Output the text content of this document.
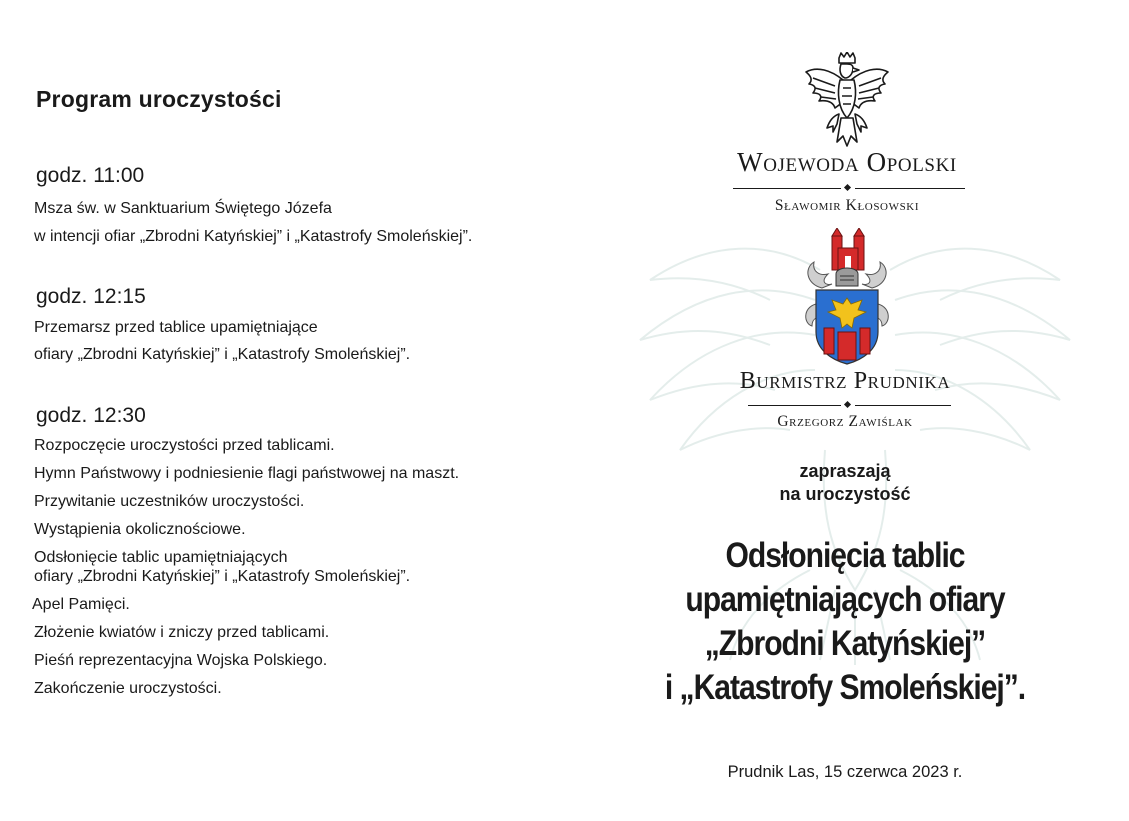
Program uroczystości
godz. 11:00
Msza św. w Sanktuarium Świętego Józefa
w intencji ofiar „Zbrodni Katyńskiej” i „Katastrofy Smoleńskiej”.
godz. 12:15
Przemarsz przed tablice upamiętniające
ofiary „Zbrodni Katyńskiej” i „Katastrofy Smoleńskiej”.
godz. 12:30
Rozpoczęcie uroczystości przed tablicami.
Hymn Państwowy i podniesienie flagi państwowej na maszt.
Przywitanie uczestników uroczystości.
Wystąpienia okolicznościowe.
Odsłonięcie tablic upamiętniających
ofiary „Zbrodni Katyńskiej” i „Katastrofy Smoleńskiej”.
Apel Pamięci.
Złożenie kwiatów i zniczy przed tablicami.
Pieśń reprezentacyjna Wojska Polskiego.
Zakończenie uroczystości.
Wojewoda Opolski
Sławomir Kłosowski
Burmistrz Prudnika
Grzegorz Zawiślak
zapraszają
na uroczystość
Odsłonięcia tablic
upamiętniających ofiary
„Zbrodni Katyńskiej”
i „Katastrofy Smoleńskiej”.
Prudnik Las, 15 czerwca 2023 r.
